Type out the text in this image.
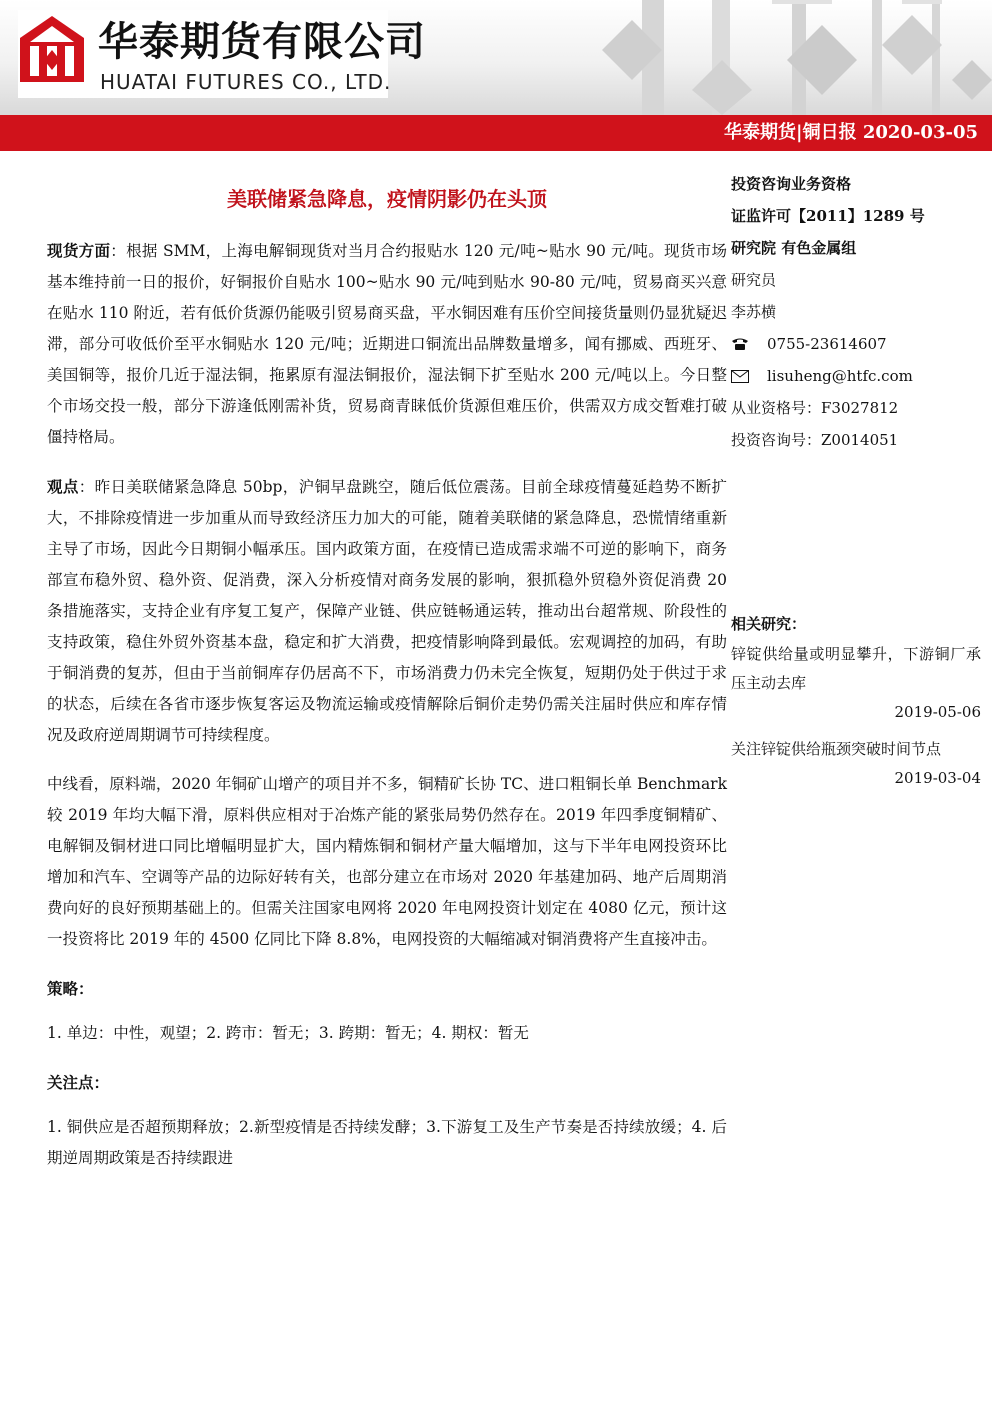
华泰期货有限公司
HUATAI FUTURES CO., LTD.
华泰期货|铜日报 2020-03-05
美联储紧急降息，疫情阴影仍在头顶

现货方面：根据 SMM，上海电解铜现货对当月合约报贴水 120 元/吨~贴水 90 元/吨。现货市场基本维持前一日的报价，好铜报价自贴水 100~贴水 90 元/吨到贴水 90-80 元/吨，贸易商买兴意在贴水 110 附近，若有低价货源仍能吸引贸易商买盘，平水铜因难有压价空间接货量则仍显犹疑迟滞，部分可收低价至平水铜贴水 120 元/吨；近期进口铜流出品牌数量增多，闻有挪威、西班牙、美国铜等，报价几近于湿法铜，拖累原有湿法铜报价，湿法铜下扩至贴水 200 元/吨以上。今日整个市场交投一般，部分下游逢低刚需补货，贸易商青睐低价货源但难压价，供需双方成交暂难打破僵持格局。

观点：昨日美联储紧急降息 50bp，沪铜早盘跳空，随后低位震荡。目前全球疫情蔓延趋势不断扩大，不排除疫情进一步加重从而导致经济压力加大的可能，随着美联储的紧急降息，恐慌情绪重新主导了市场，因此今日期铜小幅承压。国内政策方面，在疫情已造成需求端不可逆的影响下，商务部宣布稳外贸、稳外资、促消费，深入分析疫情对商务发展的影响，狠抓稳外贸稳外资促消费 20 条措施落实，支持企业有序复工复产，保障产业链、供应链畅通运转，推动出台超常规、阶段性的支持政策，稳住外贸外资基本盘，稳定和扩大消费，把疫情影响降到最低。宏观调控的加码，有助于铜消费的复苏，但由于当前铜库存仍居高不下，市场消费力仍未完全恢复，短期仍处于供过于求的状态，后续在各省市逐步恢复客运及物流运输或疫情解除后铜价走势仍需关注届时供应和库存情况及政府逆周期调节可持续程度。

中线看，原料端，2020 年铜矿山增产的项目并不多，铜精矿长协 TC、进口粗铜长单 Benchmark 较 2019 年均大幅下滑，原料供应相对于冶炼产能的紧张局势仍然存在。2019 年四季度铜精矿、电解铜及铜材进口同比增幅明显扩大，国内精炼铜和铜材产量大幅增加，这与下半年电网投资环比增加和汽车、空调等产品的边际好转有关，也部分建立在市场对 2020 年基建加码、地产后周期消费向好的良好预期基础上的。但需关注国家电网将 2020 年电网投资计划定在 4080 亿元，预计这一投资将比 2019 年的 4500 亿同比下降 8.8%，电网投资的大幅缩减对铜消费将产生直接冲击。

策略：

1. 单边：中性，观望；2. 跨市：暂无；3. 跨期：暂无；4. 期权：暂无

关注点：

1. 铜供应是否超预期释放；2.新型疫情是否持续发酵；3.下游复工及生产节奏是否持续放缓；4. 后期逆周期政策是否持续跟进

投资咨询业务资格
证监许可【2011】1289 号
研究院 有色金属组
研究员
李苏横
0755-23614607
lisuheng@htfc.com
从业资格号：F3027812
投资咨询号：Z0014051
相关研究：
锌锭供给量或明显攀升，下游铜厂承压主动去库
2019-05-06
关注锌锭供给瓶颈突破时间节点
2019-03-04
